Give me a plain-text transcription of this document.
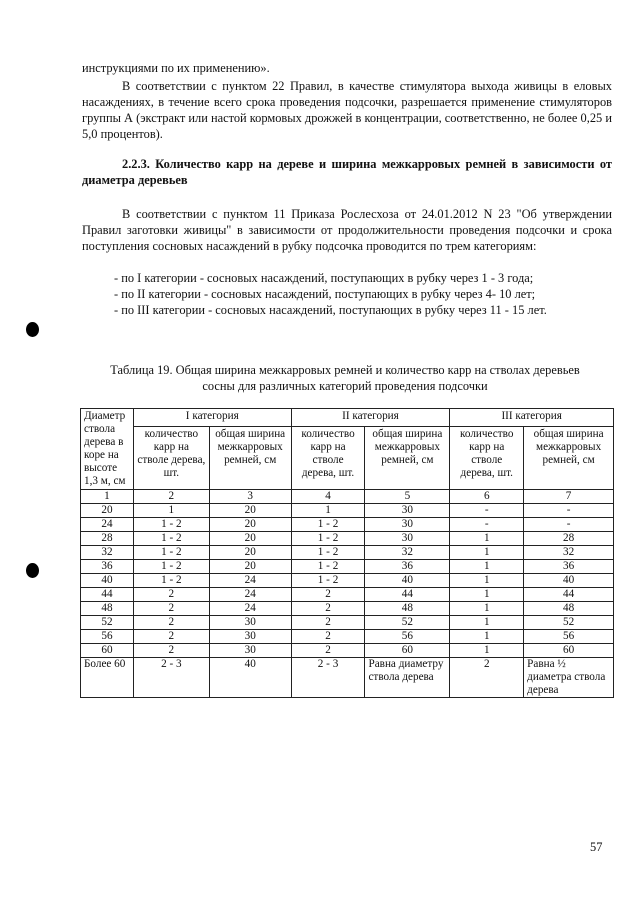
инструкциями по их применению».
В соответствии с пунктом 22 Правил, в качестве стимулятора выхода живицы в еловых насаждениях, в течение всего срока проведения подсочки, разрешается применение стимуляторов группы А (экстракт или настой кормовых дрожжей в концентрации, соответственно, не более 0,25 и 5,0 процентов).
2.2.3. Количество карр на дереве и ширина межкарровых ремней в зависимости от диаметра деревьев
В соответствии с пунктом 11 Приказа Рослесхоза от 24.01.2012 N 23 "Об утверждении Правил заготовки живицы" в зависимости от продолжительности проведения подсочки и срока поступления сосновых насаждений в рубку подсочка проводится по трем категориям:
- по I категории - сосновых насаждений, поступающих в рубку через 1 - 3 года;
- по II категории - сосновых насаждений, поступающих в рубку через 4- 10 лет;
- по III категории - сосновых насаждений, поступающих в рубку через 11 - 15 лет.
Таблица 19. Общая ширина межкарровых ремней и количество карр на стволах деревьев сосны для различных категорий проведения подсочки
Диаметр ствола дерева в коре на высоте 1,3 м, см	I категория		II категория		III категория	
	количество карр на стволе дерева, шт.	общая ширина межкарровых ремней, см	количество карр на стволе дерева, шт.	общая ширина межкарровых ремней, см	количество карр на стволе дерева, шт.	общая ширина межкарровых ремней, см
1	2	3	4	5	6	7
20	1	20	1	30	-	-
24	1 - 2	20	1 - 2	30	-	-
28	1 - 2	20	1 - 2	30	1	28
32	1 - 2	20	1 - 2	32	1	32
36	1 - 2	20	1 - 2	36	1	36
40	1 - 2	24	1 - 2	40	1	40
44	2	24	2	44	1	44
48	2	24	2	48	1	48
52	2	30	2	52	1	52
56	2	30	2	56	1	56
60	2	30	2	60	1	60
Более 60	2 - 3	40	2 - 3	Равна диаметру ствола дерева	2	Равна ½ диаметра ствола дерева
57
